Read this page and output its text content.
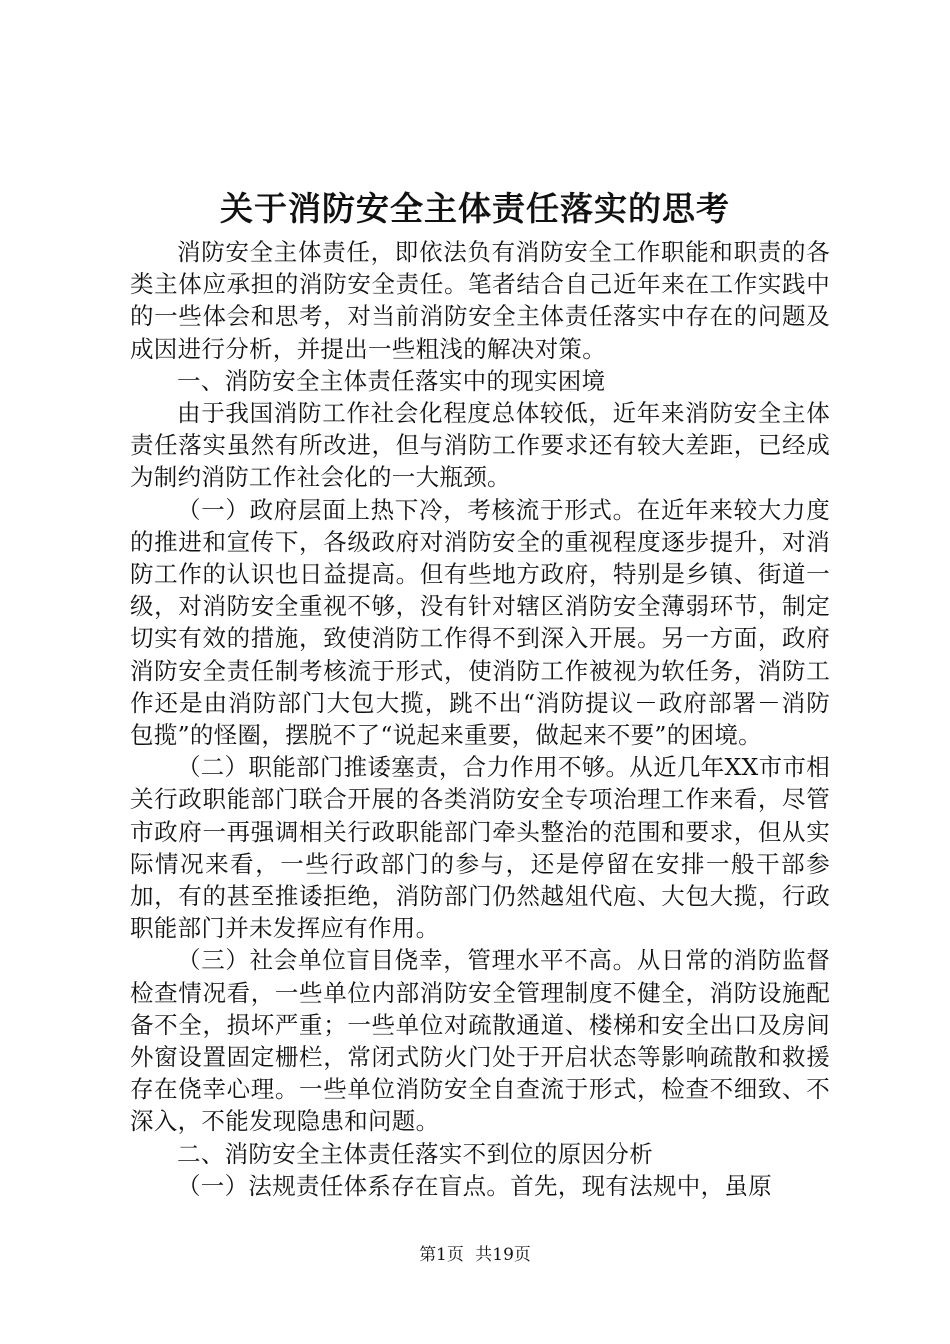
关于消防安全主体责任落实的思考

消防安全主体责任，即依法负有消防安全工作职能和职责的各类主体应承担的消防安全责任。笔者结合自己近年来在工作实践中的一些体会和思考，对当前消防安全主体责任落实中存在的问题及成因进行分析，并提出一些粗浅的解决对策。

一、消防安全主体责任落实中的现实困境

由于我国消防工作社会化程度总体较低，近年来消防安全主体责任落实虽然有所改进，但与消防工作要求还有较大差距，已经成为制约消防工作社会化的一大瓶颈。

（一）政府层面上热下冷，考核流于形式。在近年来较大力度的推进和宣传下，各级政府对消防安全的重视程度逐步提升，对消防工作的认识也日益提高。但有些地方政府，特别是乡镇、街道一级，对消防安全重视不够，没有针对辖区消防安全薄弱环节，制定切实有效的措施，致使消防工作得不到深入开展。另一方面，政府消防安全责任制考核流于形式，使消防工作被视为软任务，消防工作还是由消防部门大包大揽，跳不出“消防提议－政府部署－消防包揽”的怪圈，摆脱不了“说起来重要，做起来不要”的困境。

（二）职能部门推诿塞责，合力作用不够。从近几年XX市市相关行政职能部门联合开展的各类消防安全专项治理工作来看，尽管市政府一再强调相关行政职能部门牵头整治的范围和要求，但从实际情况来看，一些行政部门的参与，还是停留在安排一般干部参加，有的甚至推诿拒绝，消防部门仍然越俎代庖、大包大揽，行政职能部门并未发挥应有作用。

（三）社会单位盲目侥幸，管理水平不高。从日常的消防监督检查情况看，一些单位内部消防安全管理制度不健全，消防设施配备不全，损坏严重；一些单位对疏散通道、楼梯和安全出口及房间外窗设置固定栅栏，常闭式防火门处于开启状态等影响疏散和救援存在侥幸心理。一些单位消防安全自查流于形式，检查不细致、不深入，不能发现隐患和问题。

二、消防安全主体责任落实不到位的原因分析

（一）法规责任体系存在盲点。首先，现有法规中，虽原

第1页 共19页
